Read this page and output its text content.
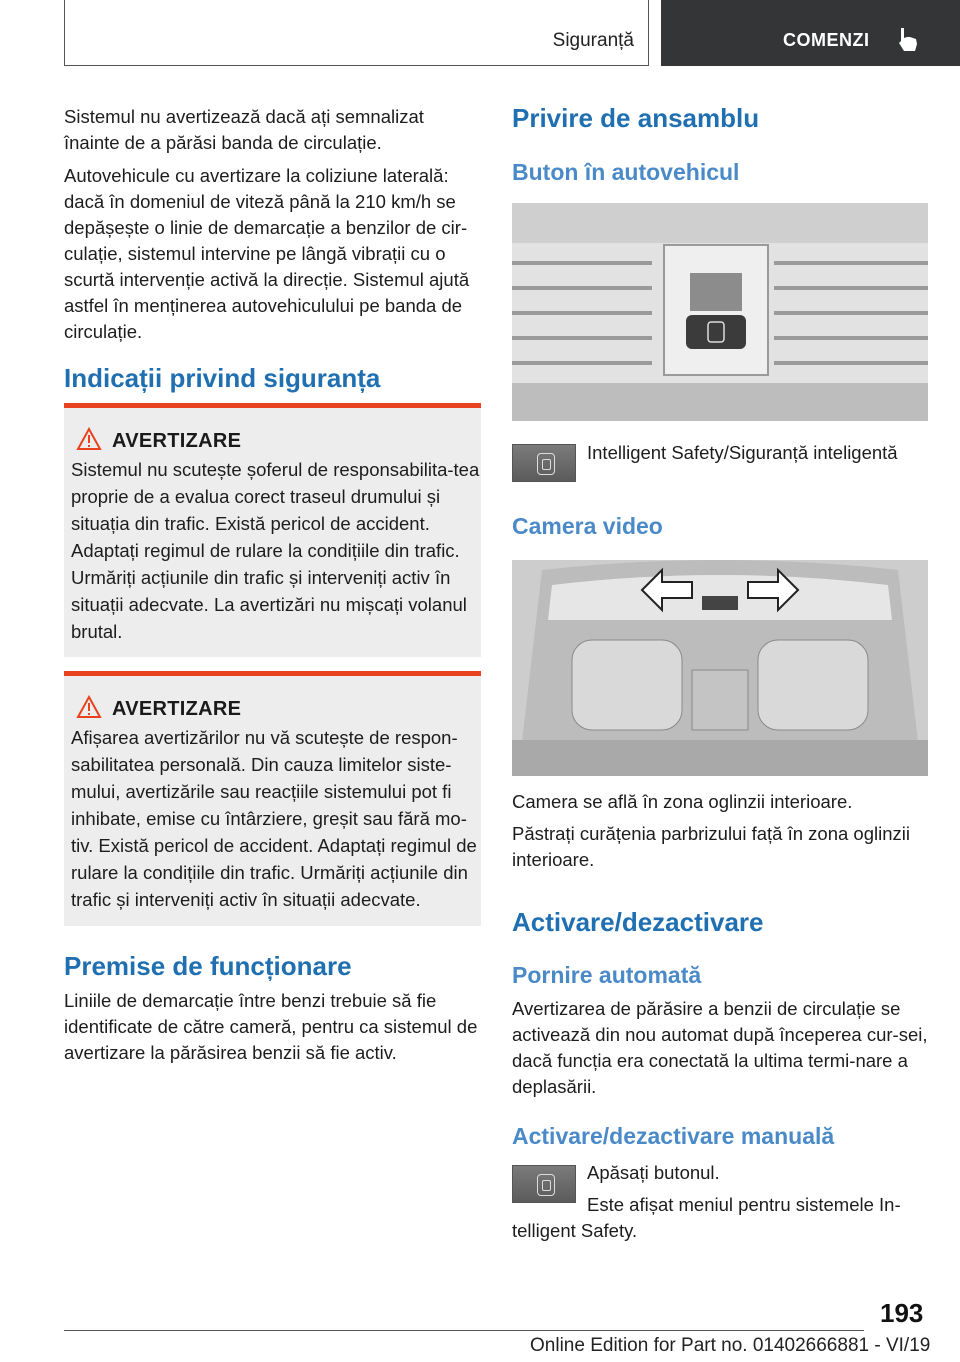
Siguranță	COMENZI

Sistemul nu avertizează dacă ați semnalizat înainte de a părăsi banda de circulație.

Autovehicule cu avertizare la coliziune laterală: dacă în domeniul de viteză până la 210 km/h se depășește o linie de demarcație a benzilor de cir‐culație, sistemul intervine pe lângă vibrații cu o scurtă intervenție activă la direcție. Sistemul ajută astfel în menținerea autovehiculului pe banda de circulație.

Indicații privind siguranța
AVERTIZARE
Sistemul nu scutește șoferul de responsabilita‐tea proprie de a evalua corect traseul drumului și situația din trafic. Există pericol de accident. Adaptați regimul de rulare la condițiile din trafic. Urmăriți acțiunile din trafic și interveniți activ în situații adecvate. La avertizări nu mișcați volanul brutal.
AVERTIZARE
Afișarea avertizărilor nu vă scutește de respon‐sabilitatea personală. Din cauza limitelor siste‐mului, avertizările sau reacțiile sistemului pot fi inhibate, emise cu întârziere, greșit sau fără mo‐tiv. Există pericol de accident. Adaptați regimul de rulare la condițiile din trafic. Urmăriți acțiunile din trafic și interveniți activ în situații adecvate.
Premise de funcționare

Liniile de demarcație între benzi trebuie să fie identificate de către cameră, pentru ca sistemul de avertizare la părăsirea benzii să fie activ.

Privire de ansamblu
Buton în autovehicul

Intelligent Safety/Siguranță inteligentă

Camera video

Camera se află în zona oglinzii interioare.

Păstrați curățenia parbrizului față în zona oglinzii interioare.

Activare/dezactivare
Pornire automată

Avertizarea de părăsire a benzii de circulație se activează din nou automat după începerea cur‐sei, dacă funcția era conectată la ultima termi‐nare a deplasării.

Activare/dezactivare manuală

Apăsați butonul.

Este afișat meniul pentru sistemele In‐telligent Safety.

193
Online Edition for Part no. 01402666881 - VI/19
